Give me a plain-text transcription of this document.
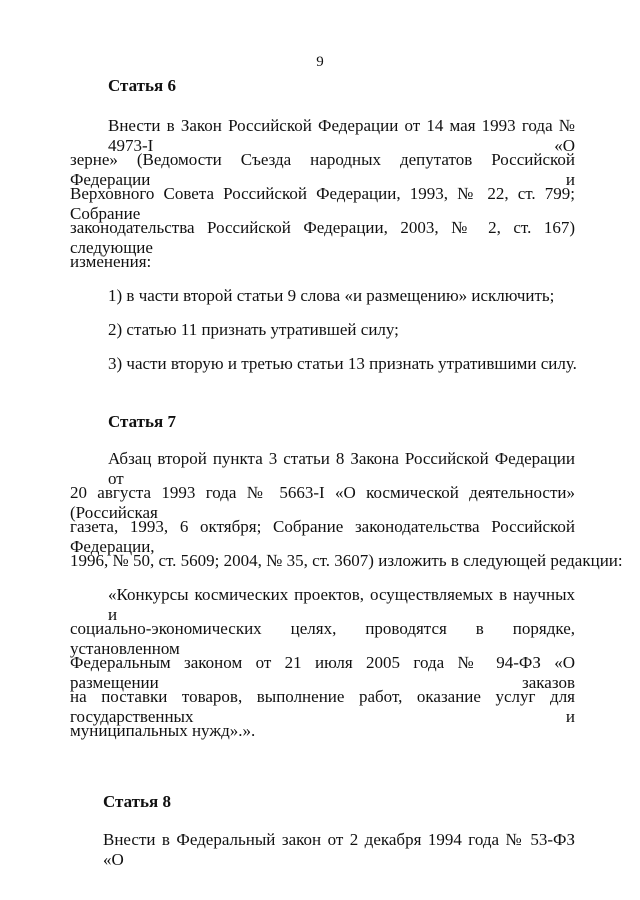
9
Статья 6
Внести в Закон Российской Федерации от 14 мая 1993 года № 4973-I «О
зерне» (Ведомости Съезда народных депутатов Российской Федерации и
Верховного Совета Российской Федерации, 1993, № 22, ст. 799; Собрание
законодательства Российской Федерации, 2003, № 2, ст. 167) следующие
изменения:
1) в части второй статьи 9 слова «и размещению» исключить;
2) статью 11 признать утратившей силу;
3) части вторую и третью статьи 13 признать утратившими силу.
Статья 7
Абзац второй пункта 3 статьи 8 Закона Российской Федерации от
20 августа 1993 года № 5663-I «О космической деятельности» (Российская
газета, 1993, 6 октября; Собрание законодательства Российской Федерации,
1996, № 50, ст. 5609; 2004, № 35, ст. 3607) изложить в следующей редакции:
«Конкурсы космических проектов, осуществляемых в научных и
социально-экономических целях, проводятся в порядке, установленном
Федеральным законом от 21 июля 2005 года № 94-ФЗ «О размещении заказов
на поставки товаров, выполнение работ, оказание услуг для государственных и
муниципальных нужд».».
Статья 8
Внести в Федеральный закон от 2 декабря 1994 года № 53-ФЗ «О
